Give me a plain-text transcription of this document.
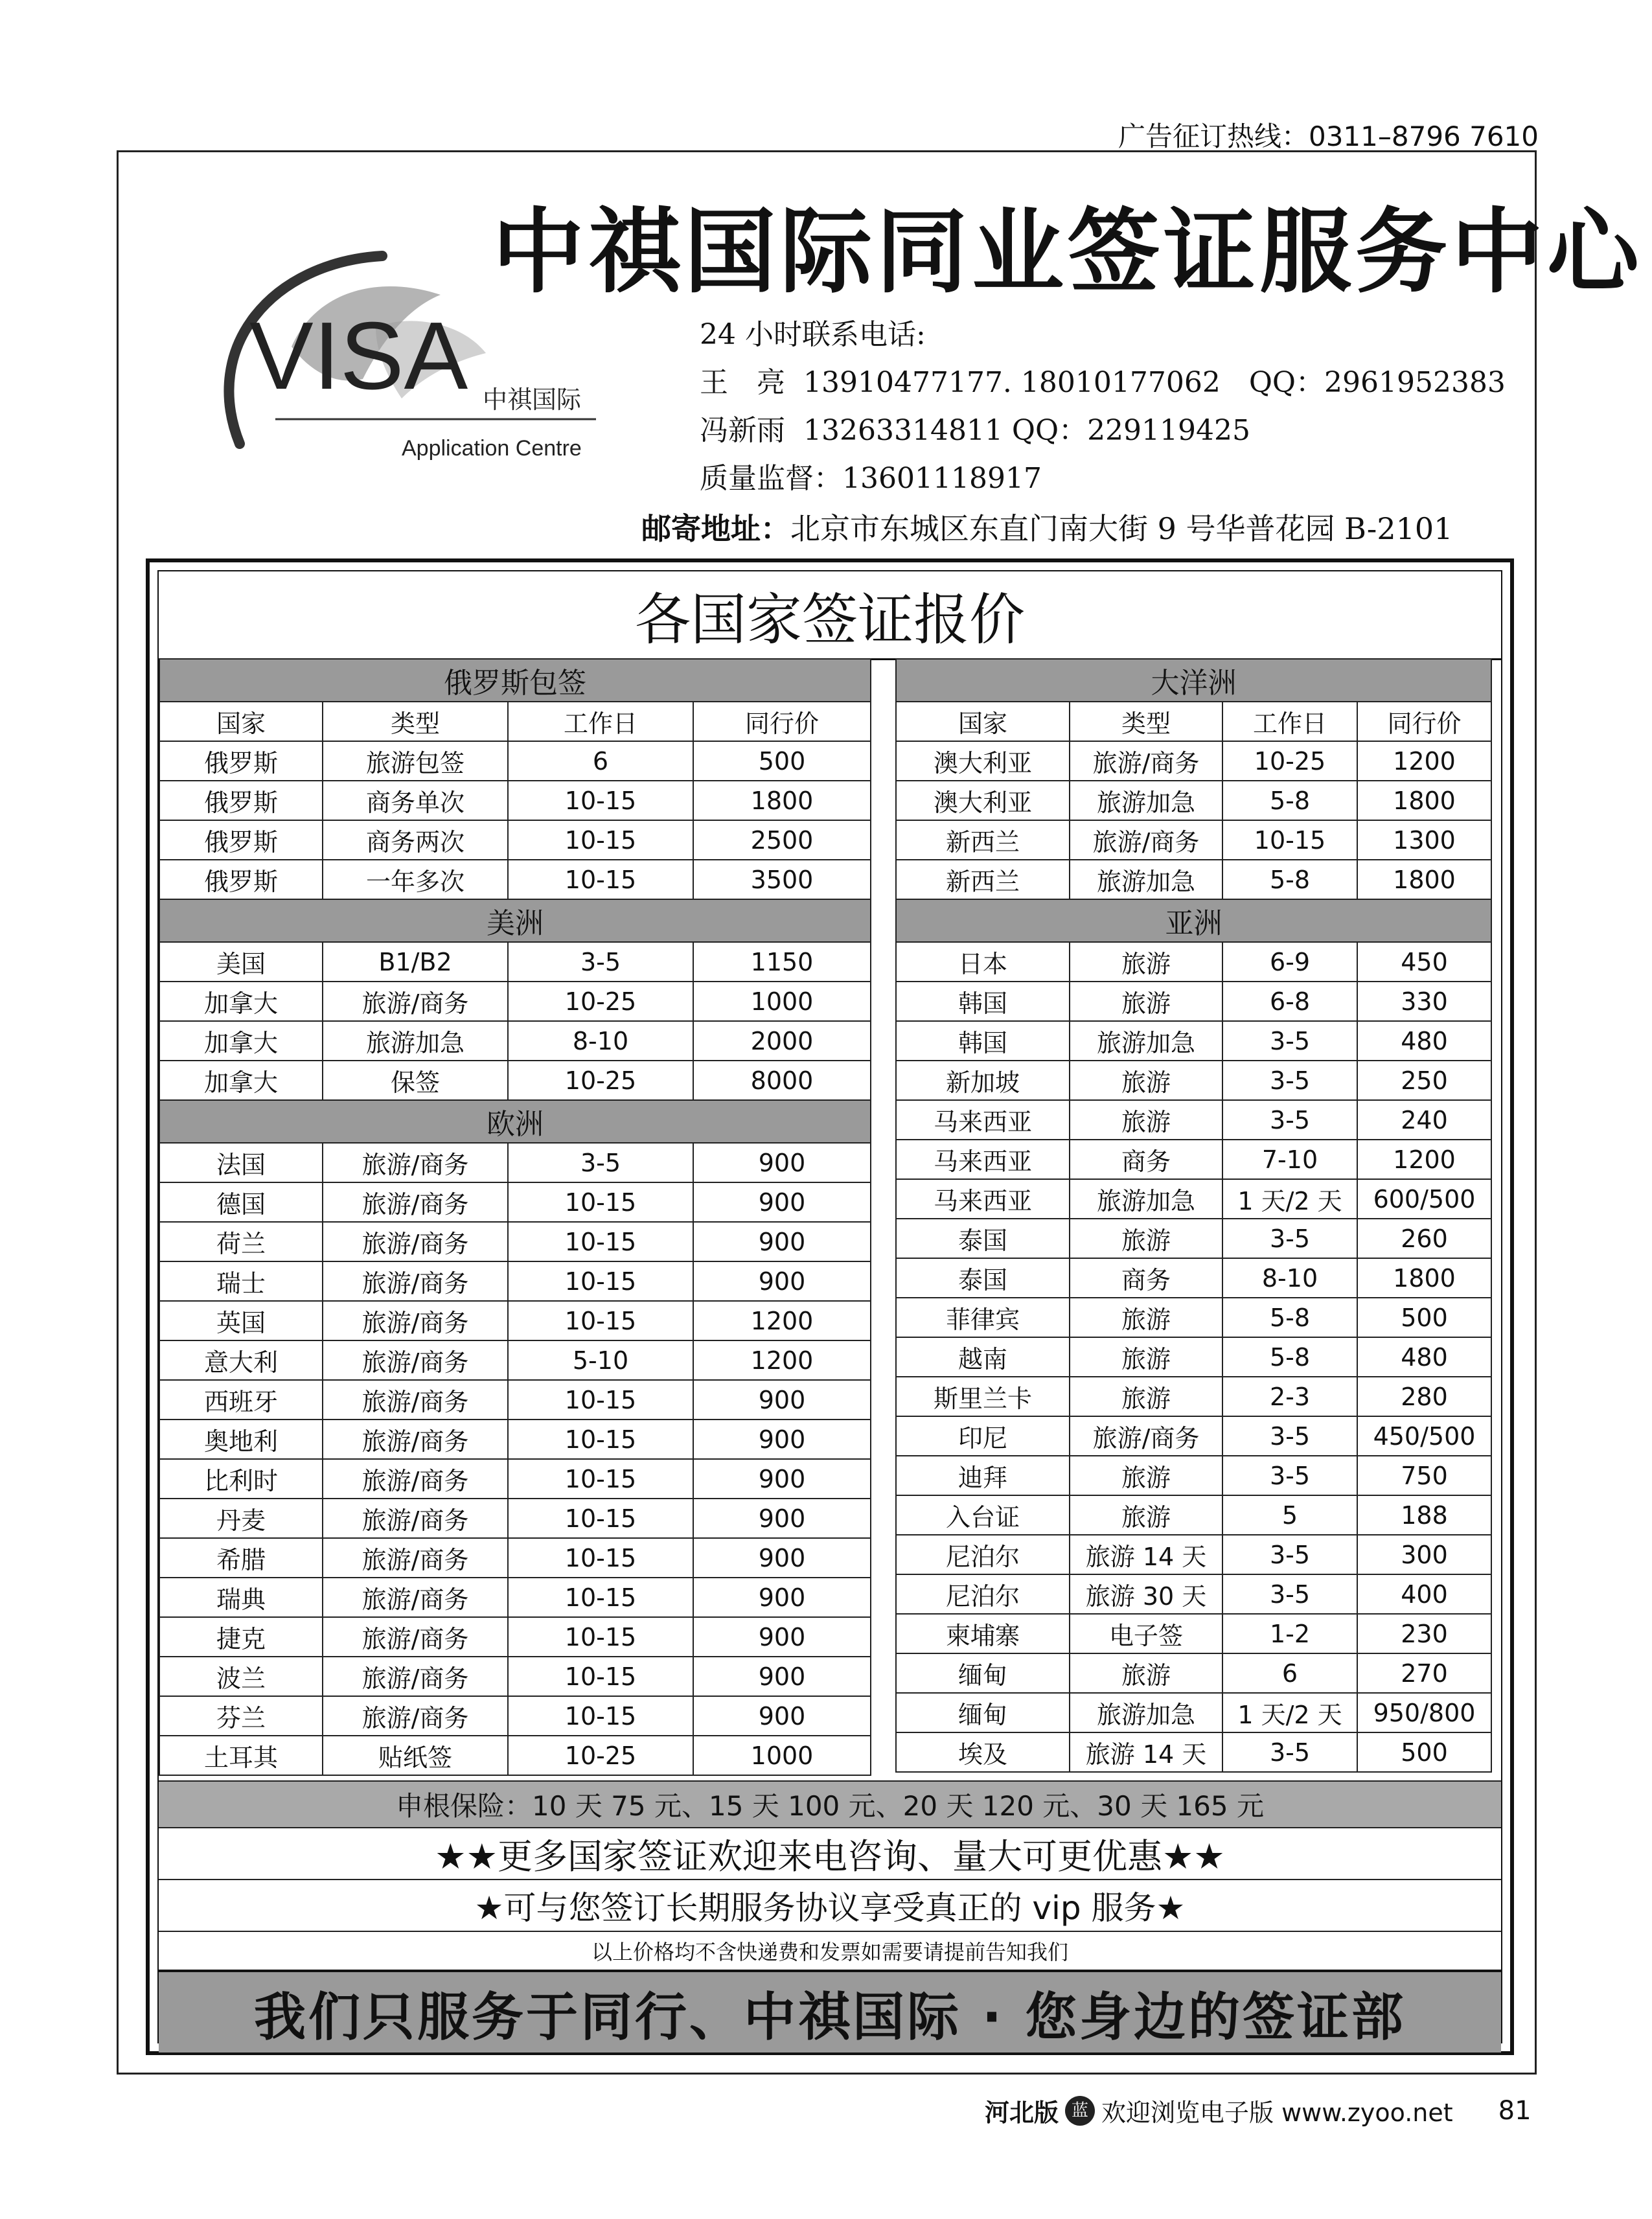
广告征订热线：0311–8796 7610
中祺国际同业签证服务中心
VISA 中祺国际
Application Centre
24 小时联系电话:
王　亮 13910477177. 18010177062　QQ：2961952383
冯新雨 13263314811 QQ：229119425
质量监督：13601118917
邮寄地址：北京市东城区东直门南大街 9 号华普花园 B-2101
各国家签证报价
俄罗斯包签			
国家	类型	工作日	同行价
俄罗斯	旅游包签	6	500
俄罗斯	商务单次	10-15	1800
俄罗斯	商务两次	10-15	2500
俄罗斯	一年多次	10-15	3500
美洲			
美国	B1/B2	3-5	1150
加拿大	旅游/商务	10-25	1000
加拿大	旅游加急	8-10	2000
加拿大	保签	10-25	8000
欧洲			
法国	旅游/商务	3-5	900
德国	旅游/商务	10-15	900
荷兰	旅游/商务	10-15	900
瑞士	旅游/商务	10-15	900
英国	旅游/商务	10-15	1200
意大利	旅游/商务	5-10	1200
西班牙	旅游/商务	10-15	900
奥地利	旅游/商务	10-15	900
比利时	旅游/商务	10-15	900
丹麦	旅游/商务	10-15	900
希腊	旅游/商务	10-15	900
瑞典	旅游/商务	10-15	900
捷克	旅游/商务	10-15	900
波兰	旅游/商务	10-15	900
芬兰	旅游/商务	10-15	900
土耳其	贴纸签	10-25	1000
大洋洲			
国家	类型	工作日	同行价
澳大利亚	旅游/商务	10-25	1200
澳大利亚	旅游加急	5-8	1800
新西兰	旅游/商务	10-15	1300
新西兰	旅游加急	5-8	1800
亚洲			
日本	旅游	6-9	450
韩国	旅游	6-8	330
韩国	旅游加急	3-5	480
新加坡	旅游	3-5	250
马来西亚	旅游	3-5	240
马来西亚	商务	7-10	1200
马来西亚	旅游加急	1 天/2 天	600/500
泰国	旅游	3-5	260
泰国	商务	8-10	1800
菲律宾	旅游	5-8	500
越南	旅游	5-8	480
斯里兰卡	旅游	2-3	280
印尼	旅游/商务	3-5	450/500
迪拜	旅游	3-5	750
入台证	旅游	5	188
尼泊尔	旅游 14 天	3-5	300
尼泊尔	旅游 30 天	3-5	400
柬埔寨	电子签	1-2	230
缅甸	旅游	6	270
缅甸	旅游加急	1 天/2 天	950/800
埃及	旅游 14 天	3-5	500
申根保险：10 天 75 元、15 天 100 元、20 天 120 元、30 天 165 元
★★更多国家签证欢迎来电咨询、量大可更优惠★★
★可与您签订长期服务协议享受真正的 vip 服务★
以上价格均不含快递费和发票如需要请提前告知我们
我们只服务于同行、中祺国际 · 您身边的签证部
河北版 蓝 欢迎浏览电子版 www.zyoo.net 81
